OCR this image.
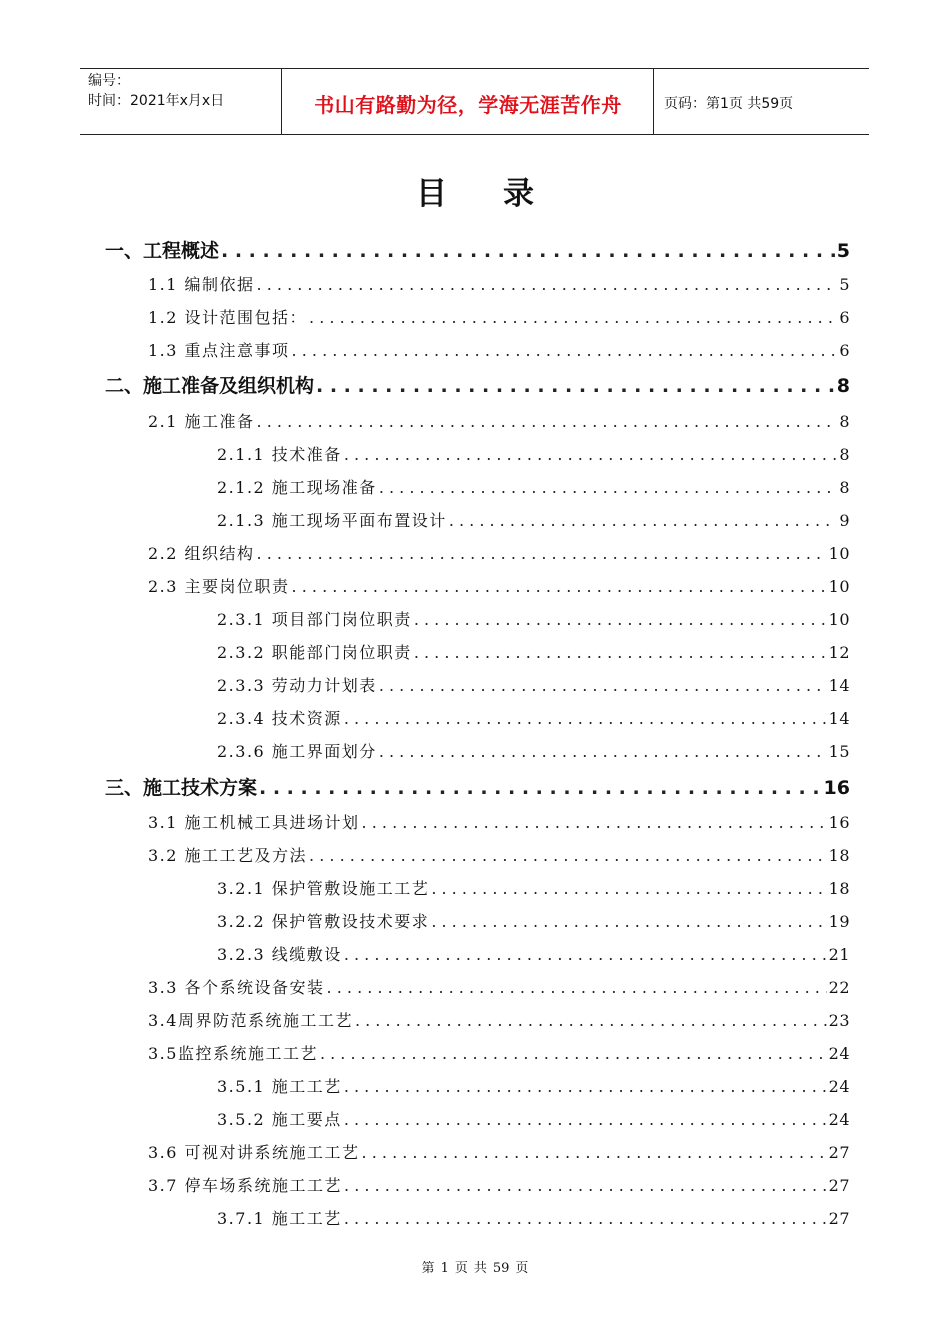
编号：
时间：2021年x月x日	书山有路勤为径，学海无涯苦作舟	页码：第1页 共59页
目录
一、工程概述 . . .	5
1.1 编制依据 . . .	5
1.2 设计范围包括： . . .	6
1.3 重点注意事项 . . .	6
二、施工准备及组织机构 . . .	8
2.1 施工准备 . . .	8
2.1.1 技术准备 . . .	8
2.1.2 施工现场准备 . . .	8
2.1.3 施工现场平面布置设计 . . .	9
2.2 组织结构 . . .	10
2.3 主要岗位职责 . . .	10
2.3.1 项目部门岗位职责 . . .	10
2.3.2 职能部门岗位职责 . . .	12
2.3.3 劳动力计划表 . . .	14
2.3.4 技术资源 . . .	14
2.3.6 施工界面划分 . . .	15
三、施工技术方案 . . .	16
3.1 施工机械工具进场计划 . . .	16
3.2 施工工艺及方法 . . .	18
3.2.1 保护管敷设施工工艺 . . .	18
3.2.2 保护管敷设技术要求 . . .	19
3.2.3 线缆敷设 . . .	21
3.3 各个系统设备安装 . . .	22
3.4周界防范系统施工工艺 . . .	23
3.5监控系统施工工艺 . . .	24
3.5.1 施工工艺 . . .	24
3.5.2 施工要点 . . .	24
3.6 可视对讲系统施工工艺 . . .	27
3.7 停车场系统施工工艺 . . .	27
3.7.1 施工工艺 . . .	27
第 1 页 共 59 页
